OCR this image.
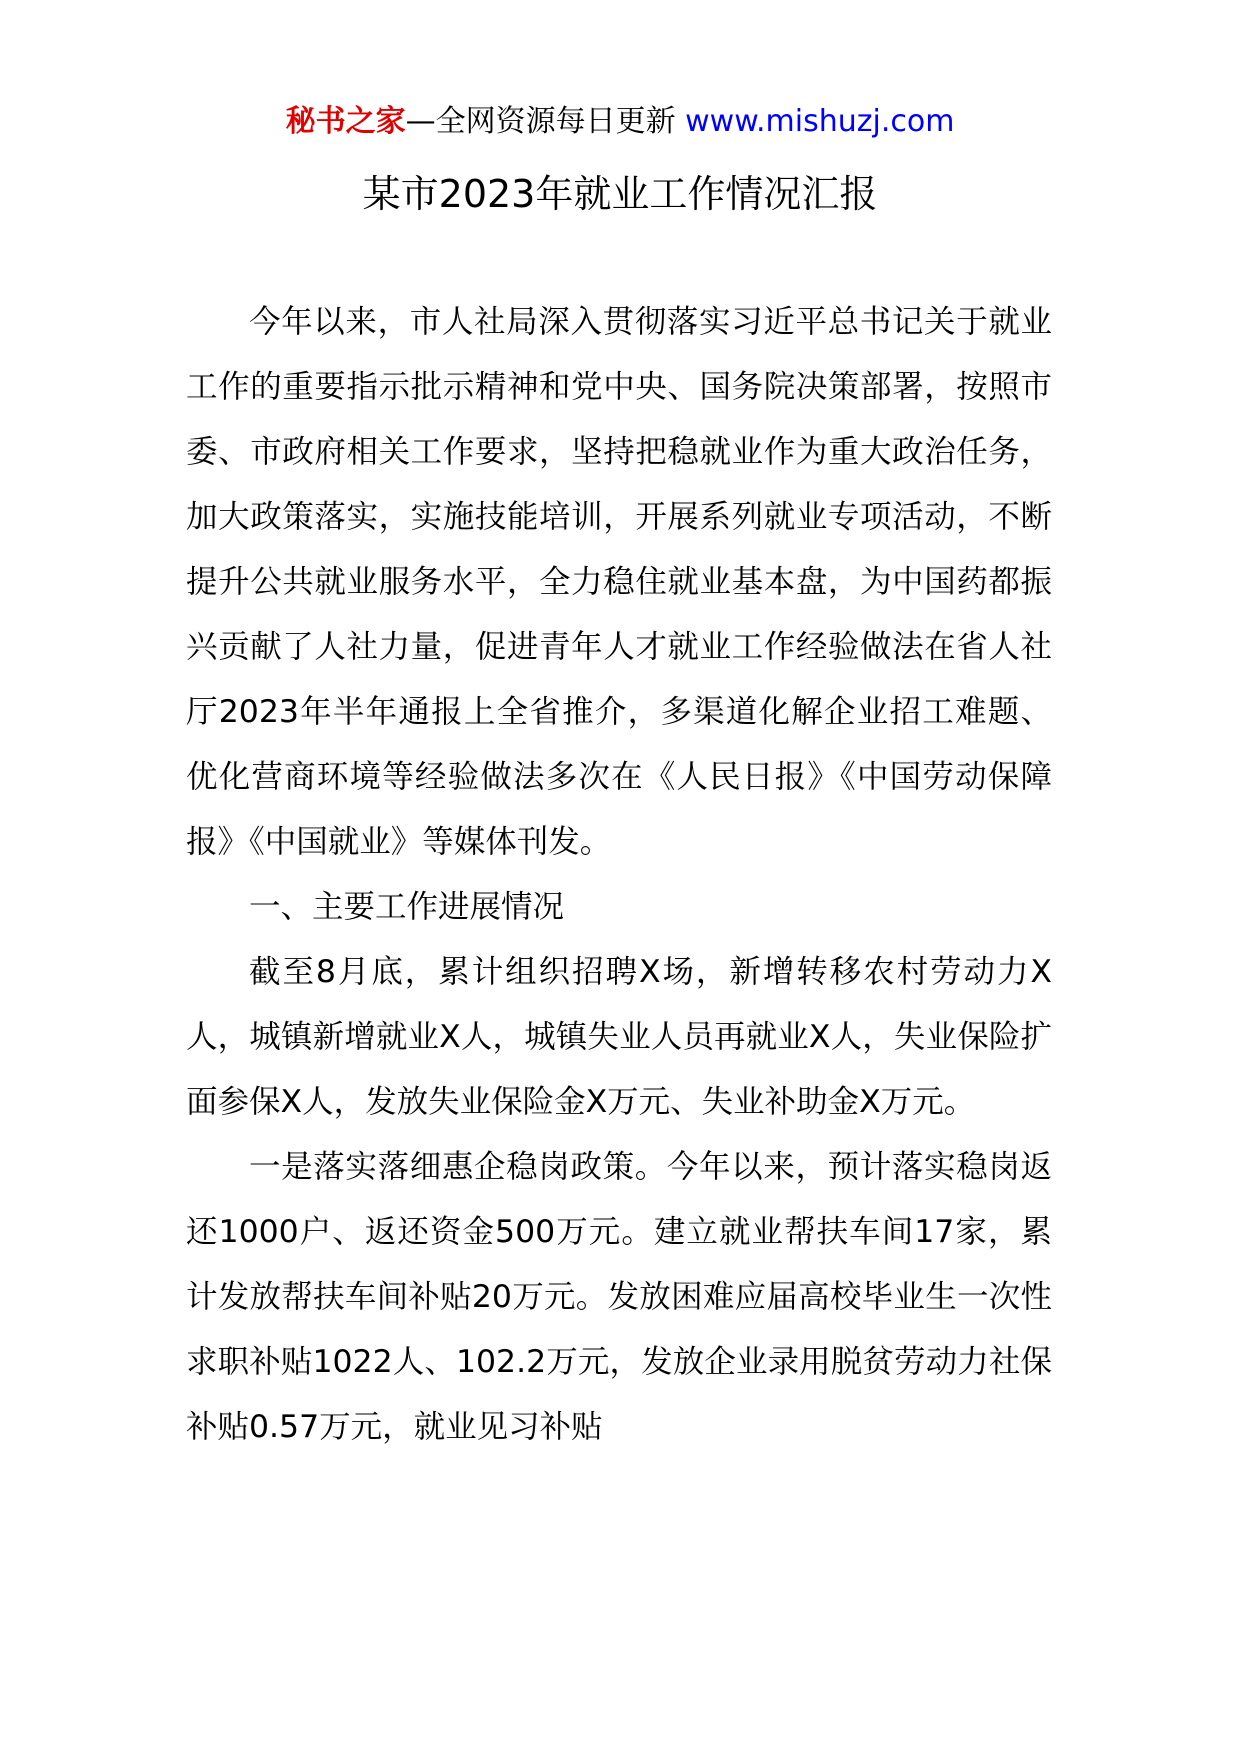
秘书之家—全网资源每日更新 www.mishuzj.com
某市2023年就业工作情况汇报

今年以来，市人社局深入贯彻落实习近平总书记关于就业工作的重要指示批示精神和党中央、国务院决策部署，按照市委、市政府相关工作要求，坚持把稳就业作为重大政治任务，加大政策落实，实施技能培训，开展系列就业专项活动，不断提升公共就业服务水平，全力稳住就业基本盘，为中国药都振兴贡献了人社力量，促进青年人才就业工作经验做法在省人社厅2023年半年通报上全省推介，多渠道化解企业招工难题、优化营商环境等经验做法多次在《人民日报》《中国劳动保障报》《中国就业》等媒体刊发。

一、主要工作进展情况

截至8月底，累计组织招聘X场，新增转移农村劳动力X人，城镇新增就业X人，城镇失业人员再就业X人，失业保险扩面参保X人，发放失业保险金X万元、失业补助金X万元。

一是落实落细惠企稳岗政策。今年以来，预计落实稳岗返还1000户、返还资金500万元。建立就业帮扶车间17家，累计发放帮扶车间补贴20万元。发放困难应届高校毕业生一次性求职补贴1022人、102.2万元，发放企业录用脱贫劳动力社保补贴0.57万元，就业见习补贴
